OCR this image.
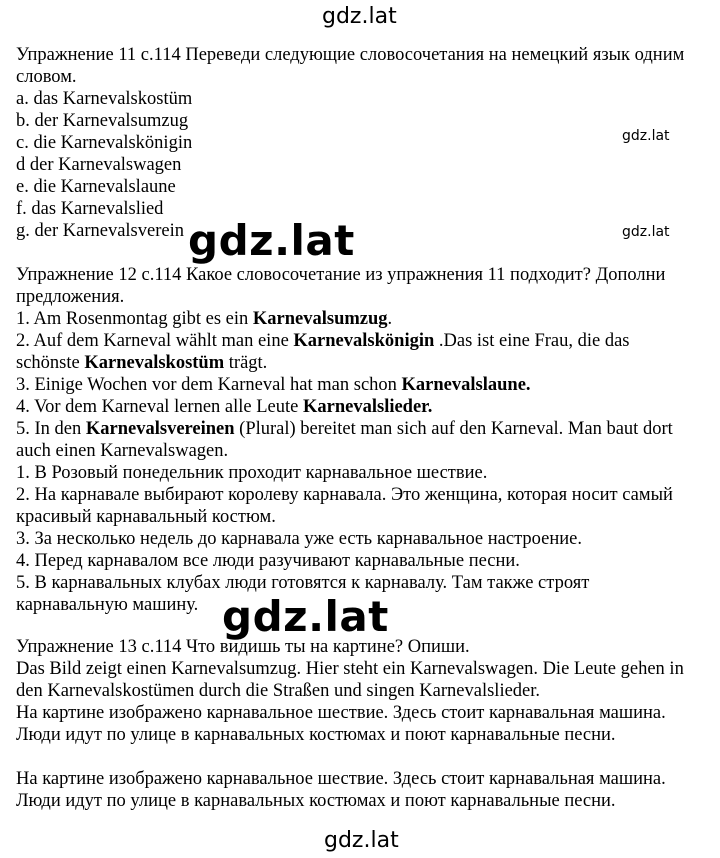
gdz.lat
Упражнение 11 с.114 Переведи следующие словосочетания на немецкий язык одним
словом.
a. das Karnevalskostüm
b. der Karnevalsumzug
c. die Karnevalskönigin
d der Karnevalswagen
e. die Karnevalslaune
f. das Karnevalslied
g. der Karnevalsverein
gdz.lat
gdz.lat
Упражнение 12 с.114 Какое словосочетание из упражнения 11 подходит? Дополни
предложения.
1. Am Rosenmontag gibt es ein Karnevalsumzug.
2. Auf dem Karneval wählt man eine Karnevalskönigin .Das ist eine Frau, die das
schönste Karnevalskostüm trägt.
3. Einige Wochen vor dem Karneval hat man schon Karnevalslaune.
4. Vor dem Karneval lernen alle Leute Karnevalslieder.
5. In den Karnevalsvereinen (Plural) bereitet man sich auf den Karneval. Man baut dort
auch einen Karnevalswagen.
1. В Розовый понедельник проходит карнавальное шествие.
2. На карнавале выбирают королеву карнавала. Это женщина, которая носит самый
красивый карнавальный костюм.
3. За несколько недель до карнавала уже есть карнавальное настроение.
4. Перед карнавалом все люди разучивают карнавальные песни.
5. В карнавальных клубах люди готовятся к карнавалу. Там также строят
карнавальную машину.
Упражнение 13 с.114 Что видишь ты на картине? Опиши.
Das Bild zeigt einen Karnevalsumzug. Hier steht ein Karnevalswagen. Die Leute gehen in
den Karnevalskostümen durch die Straßen und singen Karnevalslieder.
На картине изображено карнавальное шествие. Здесь стоит карнавальная машина.
Люди идут по улице в карнавальных костюмах и поют карнавальные песни.
На картине изображено карнавальное шествие. Здесь стоит карнавальная машина.
Люди идут по улице в карнавальных костюмах и поют карнавальные песни.
gdz.lat
gdz.lat
gdz.lat
